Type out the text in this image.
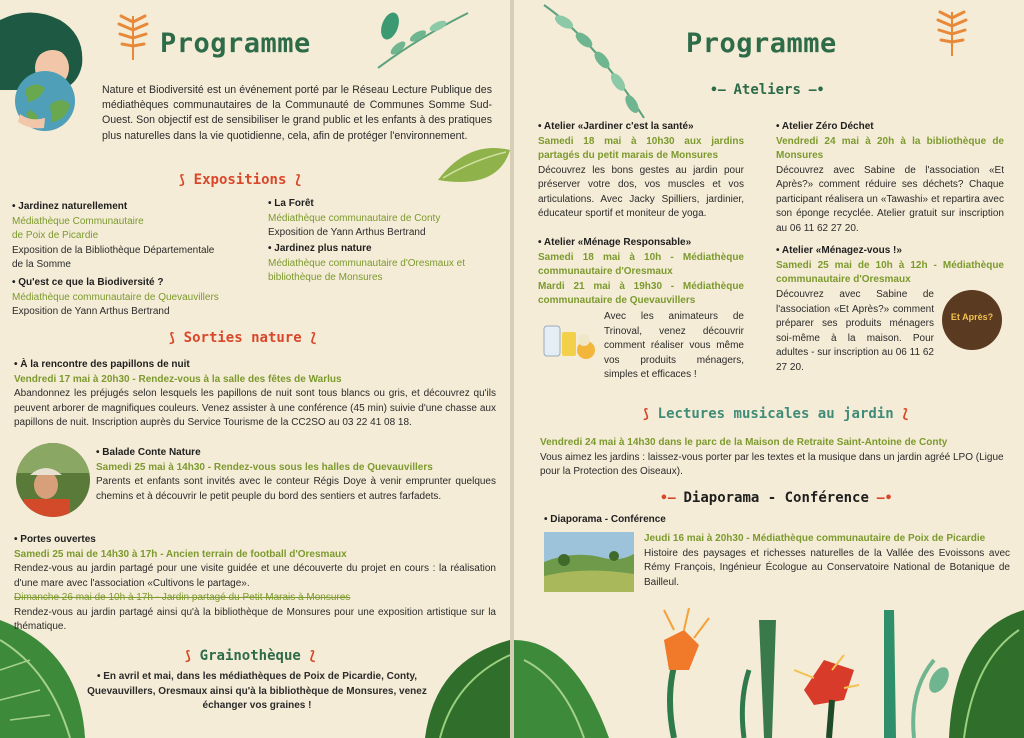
Programme
Nature et Biodiversité est un événement porté par le Réseau Lecture Publique des médiathèques communautaires de la Communauté de Communes Somme Sud-Ouest. Son objectif est de sensibiliser le grand public et les enfants à des pratiques plus naturelles dans la vie quotidienne, cela, afin de protéger l'environnement.
⟆ Expositions ⟅
• Jardinez naturellement
Médiathèque Communautaire
de Poix de Picardie
Exposition de la Bibliothèque Départementale
de la Somme
• Qu'est ce que la Biodiversité ?
Médiathèque communautaire de Quevauvillers
Exposition de Yann Arthus Bertrand
• La Forêt
Médiathèque communautaire de Conty
Exposition de Yann Arthus Bertrand
• Jardinez plus nature
Médiathèque communautaire d'Oresmaux et
bibliothèque de Monsures
⟆ Sorties nature ⟅
• À la rencontre des papillons de nuit
Vendredi 17 mai à 20h30 - Rendez-vous à la salle des fêtes de Warlus
Abandonnez les préjugés selon lesquels les papillons de nuit sont tous blancs ou gris, et découvrez qu'ils peuvent arborer de magnifiques couleurs. Venez assister à une conférence (45 min) suivie d'une chasse aux papillons de nuit. Inscription auprès du Service Tourisme de la CC2SO au 03 22 41 08 18.
• Balade Conte Nature
Samedi 25 mai à 14h30 - Rendez-vous sous les halles de Quevauvillers
Parents et enfants sont invités avec le conteur Régis Doye à venir emprunter quelques chemins et à découvrir le petit peuple du bord des sentiers et autres farfadets.
• Portes ouvertes
Samedi 25 mai de 14h30 à 17h - Ancien terrain de football d'Oresmaux
Rendez-vous au jardin partagé pour une visite guidée et une découverte du projet en cours : la réalisation d'une mare avec l'association «Cultivons le partage».
Dimanche 26 mai de 10h à 17h - Jardin partagé du Petit Marais à Monsures
Rendez-vous au jardin partagé ainsi qu'à la bibliothèque de Monsures pour une exposition artistique sur la thématique.
⟆ Grainothèque ⟅
• En avril et mai, dans les médiathèques de Poix de Picardie, Conty, Quevauvillers, Oresmaux ainsi qu'à la bibliothèque de Monsures, venez échanger vos graines !
Programme
•— Ateliers —•
• Atelier «Jardiner c'est la santé»
Samedi 18 mai à 10h30 aux jardins partagés du petit marais de Monsures
Découvrez les bons gestes au jardin pour préserver votre dos, vos muscles et vos articulations. Avec Jacky Spilliers, jardinier, éducateur sportif et moniteur de yoga.
• Atelier «Ménage Responsable»
Samedi 18 mai à 10h - Médiathèque communautaire d'Oresmaux
Mardi 21 mai à 19h30 - Médiathèque communautaire de Quevauvillers
Avec les animateurs de Trinoval, venez découvrir comment réaliser vous même vos produits ménagers, simples et efficaces !
• Atelier Zéro Déchet
Vendredi 24 mai à 20h à la bibliothèque de Monsures
Découvrez avec Sabine de l'association «Et Après?» comment réduire ses déchets? Chaque participant réalisera un «Tawashi» et repartira avec son éponge recyclée. Atelier gratuit sur inscription au 06 11 62 27 20.
• Atelier «Ménagez-vous !»
Samedi 25 mai de 10h à 12h - Médiathèque communautaire d'Oresmaux
Découvrez avec Sabine de l'association «Et Après?» comment préparer ses produits ménagers soi-même à la maison. Pour adultes - sur inscription au 06 11 62 27 20.
Et Après?
⟆ Lectures musicales au jardin ⟅
Vendredi 24 mai à 14h30 dans le parc de la Maison de Retraite Saint-Antoine de Conty
Vous aimez les jardins : laissez-vous porter par les textes et la musique dans un jardin agréé LPO (Ligue pour la Protection des Oiseaux).
•— Diaporama - Conférence —•
• Diaporama - Conférence
Jeudi 16 mai à 20h30 - Médiathèque communautaire de Poix de Picardie
Histoire des paysages et richesses naturelles de la Vallée des Evoissons avec Rémy François, Ingénieur Écologue au Conservatoire National de Botanique de Bailleul.
